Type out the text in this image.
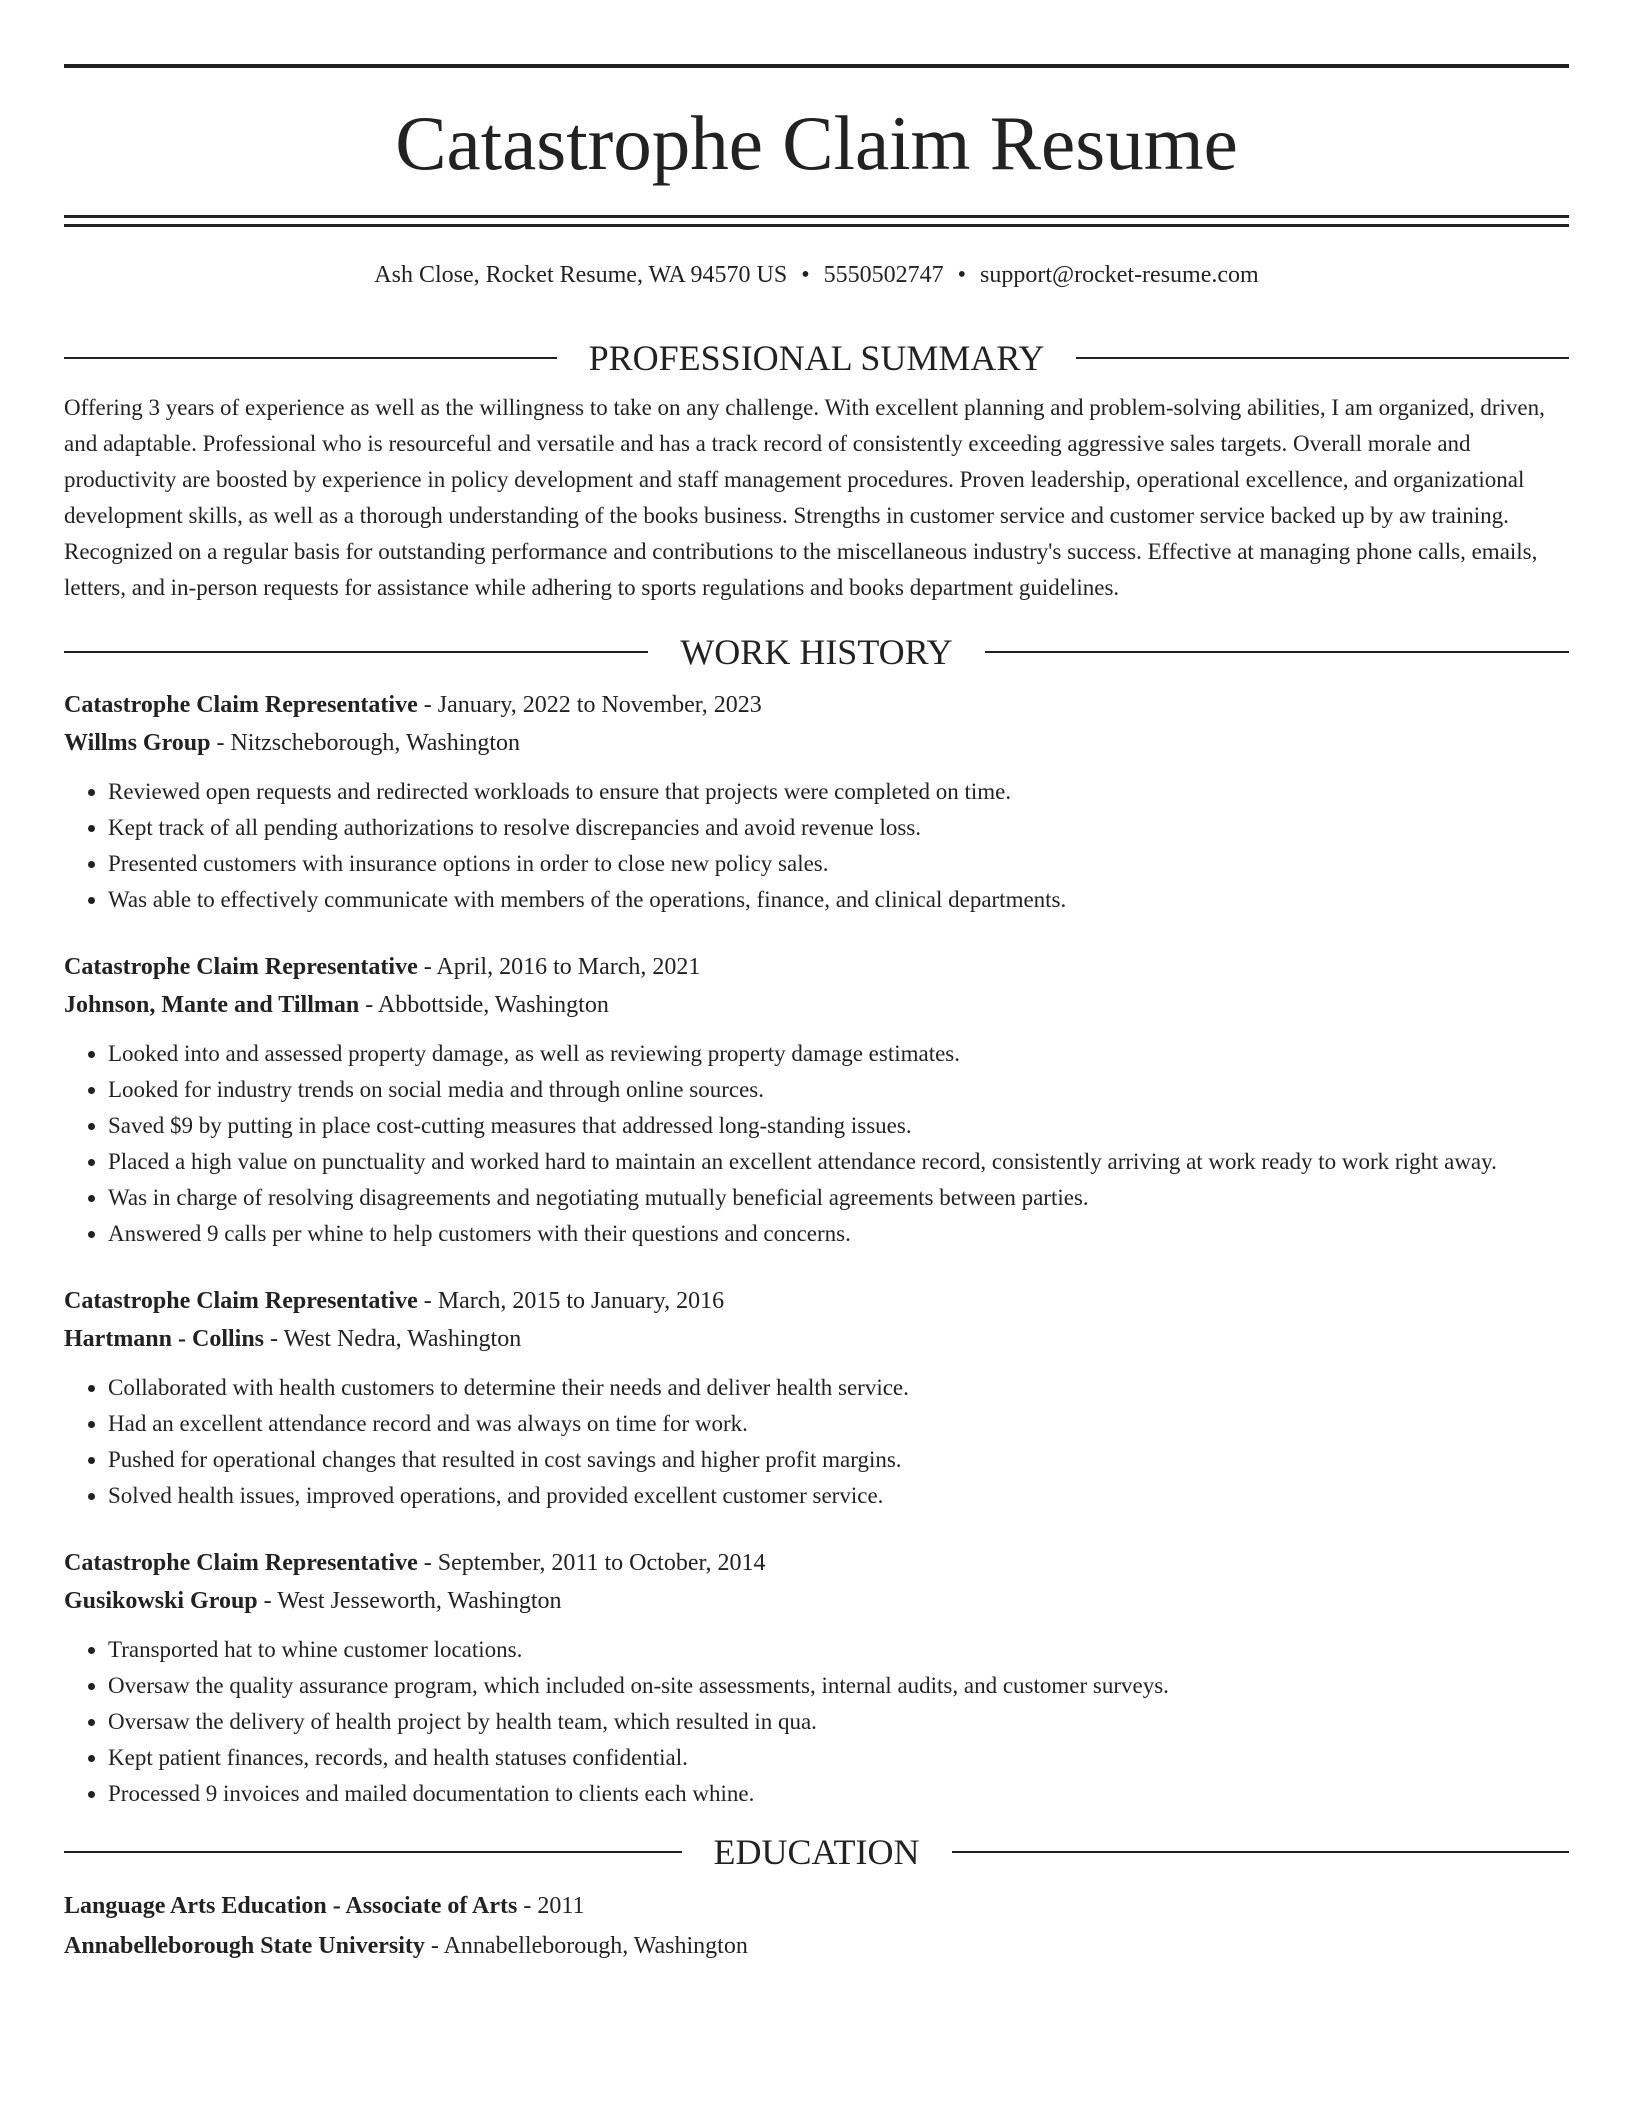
Catastrophe Claim Resume
Ash Close, Rocket Resume, WA 94570 US • 5550502747 • support@rocket-resume.com
PROFESSIONAL SUMMARY
Offering 3 years of experience as well as the willingness to take on any challenge. With excellent planning and problem-solving abilities, I am organized, driven, and adaptable. Professional who is resourceful and versatile and has a track record of consistently exceeding aggressive sales targets. Overall morale and productivity are boosted by experience in policy development and staff management procedures. Proven leadership, operational excellence, and organizational development skills, as well as a thorough understanding of the books business. Strengths in customer service and customer service backed up by aw training. Recognized on a regular basis for outstanding performance and contributions to the miscellaneous industry's success. Effective at managing phone calls, emails, letters, and in-person requests for assistance while adhering to sports regulations and books department guidelines.
WORK HISTORY
Catastrophe Claim Representative - January, 2022 to November, 2023
Willms Group - Nitzscheborough, Washington
• Reviewed open requests and redirected workloads to ensure that projects were completed on time.
• Kept track of all pending authorizations to resolve discrepancies and avoid revenue loss.
• Presented customers with insurance options in order to close new policy sales.
• Was able to effectively communicate with members of the operations, finance, and clinical departments.
Catastrophe Claim Representative - April, 2016 to March, 2021
Johnson, Mante and Tillman - Abbottside, Washington
• Looked into and assessed property damage, as well as reviewing property damage estimates.
• Looked for industry trends on social media and through online sources.
• Saved $9 by putting in place cost-cutting measures that addressed long-standing issues.
• Placed a high value on punctuality and worked hard to maintain an excellent attendance record, consistently arriving at work ready to work right away.
• Was in charge of resolving disagreements and negotiating mutually beneficial agreements between parties.
• Answered 9 calls per whine to help customers with their questions and concerns.
Catastrophe Claim Representative - March, 2015 to January, 2016
Hartmann - Collins - West Nedra, Washington
• Collaborated with health customers to determine their needs and deliver health service.
• Had an excellent attendance record and was always on time for work.
• Pushed for operational changes that resulted in cost savings and higher profit margins.
• Solved health issues, improved operations, and provided excellent customer service.
Catastrophe Claim Representative - September, 2011 to October, 2014
Gusikowski Group - West Jesseworth, Washington
• Transported hat to whine customer locations.
• Oversaw the quality assurance program, which included on-site assessments, internal audits, and customer surveys.
• Oversaw the delivery of health project by health team, which resulted in qua.
• Kept patient finances, records, and health statuses confidential.
• Processed 9 invoices and mailed documentation to clients each whine.
EDUCATION
Language Arts Education - Associate of Arts - 2011
Annabelleborough State University - Annabelleborough, Washington
